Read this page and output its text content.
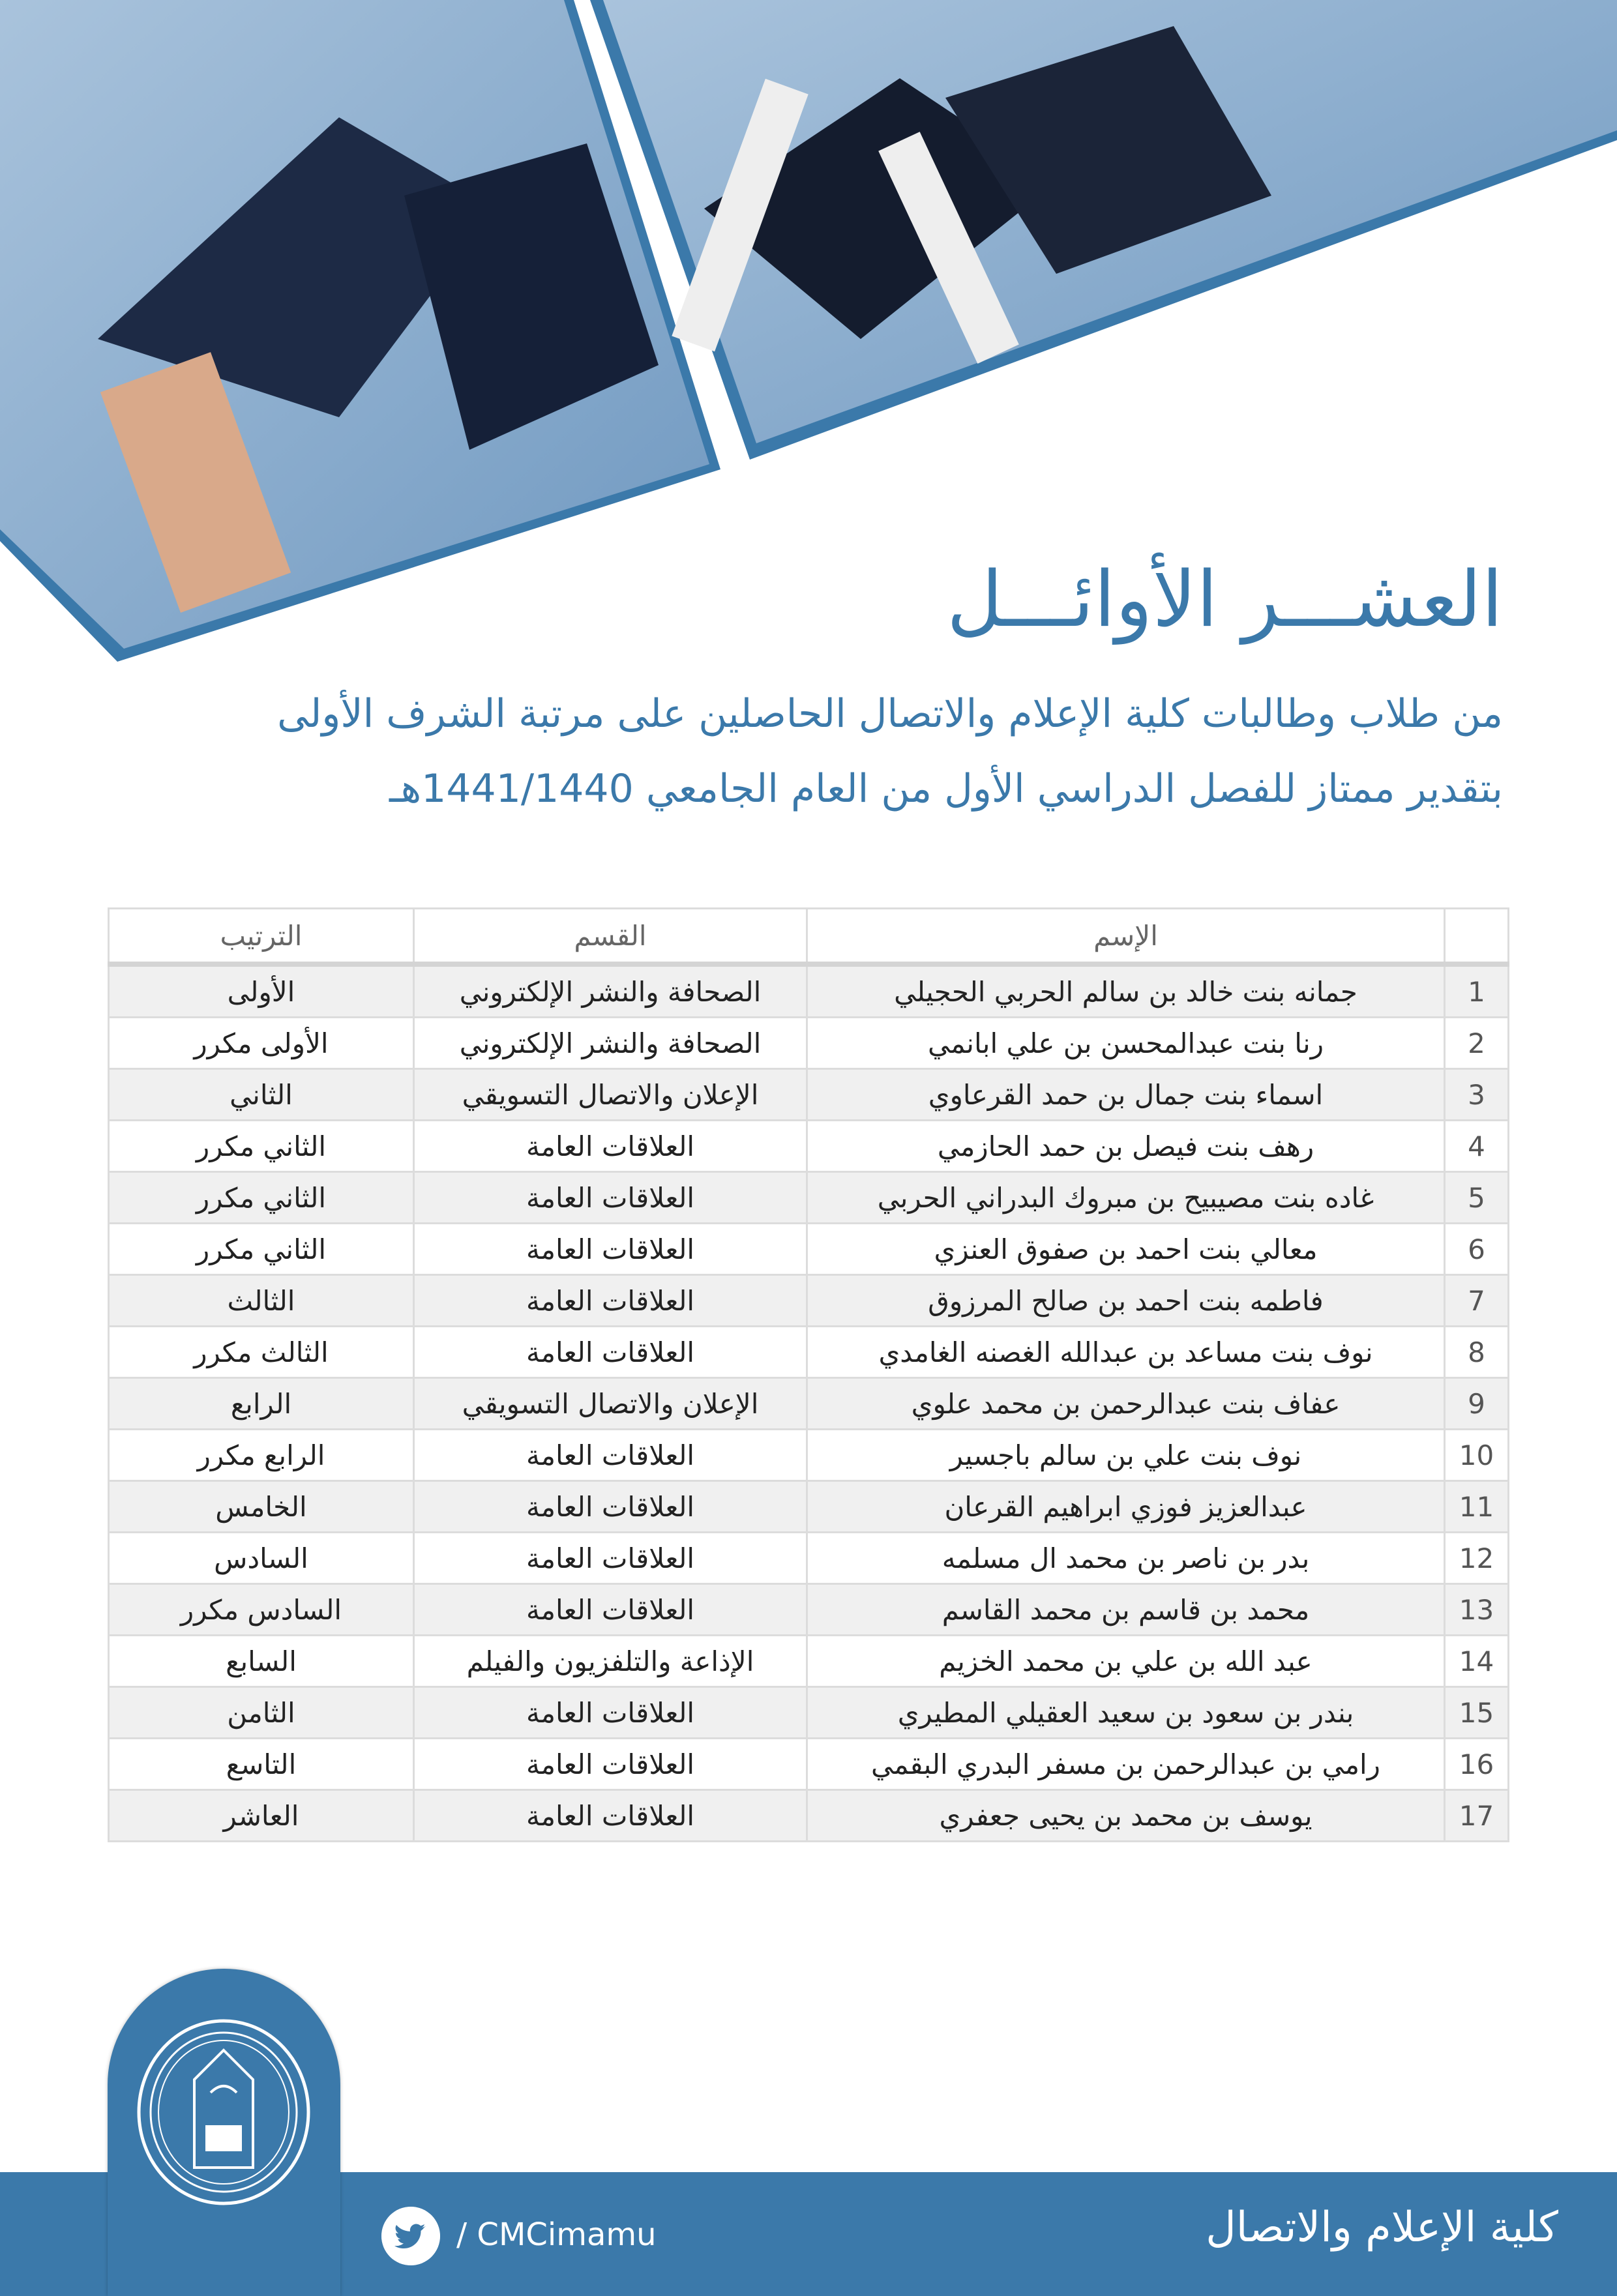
العشـــر الأوائـــل
من طلاب وطالبات كلية الإعلام والاتصال الحاصلين على مرتبة الشرف الأولى
بتقدير ممتاز للفصل الدراسي الأول من العام الجامعي 1441/1440هـ
	الإسم	القسم	الترتيب
1	جمانه بنت خالد بن سالم الحربي الحجيلي	الصحافة والنشر الإلكتروني	الأولى
2	رنا بنت عبدالمحسن بن علي ابانمي	الصحافة والنشر الإلكتروني	الأولى مكرر
3	اسماء بنت جمال بن حمد القرعاوي	الإعلان والاتصال التسويقي	الثاني
4	رهف بنت فيصل بن حمد الحازمي	العلاقات العامة	الثاني مكرر
5	غاده بنت مصيبيح بن مبروك البدراني الحربي	العلاقات العامة	الثاني مكرر
6	معالي بنت احمد بن صفوق العنزي	العلاقات العامة	الثاني مكرر
7	فاطمه بنت احمد بن صالح المرزوق	العلاقات العامة	الثالث
8	نوف بنت مساعد بن عبدالله الغصنه الغامدي	العلاقات العامة	الثالث مكرر
9	عفاف بنت عبدالرحمن بن محمد علوي	الإعلان والاتصال التسويقي	الرابع
10	نوف بنت علي بن سالم باجسير	العلاقات العامة	الرابع مكرر
11	عبدالعزيز فوزي ابراهيم القرعان	العلاقات العامة	الخامس
12	بدر بن ناصر بن محمد ال مسلمه	العلاقات العامة	السادس
13	محمد بن قاسم بن محمد القاسم	العلاقات العامة	السادس مكرر
14	عبد الله بن علي بن محمد الخزيم	الإذاعة والتلفزيون والفيلم	السابع
15	بندر بن سعود بن سعيد العقيلي المطيري	العلاقات العامة	الثامن
16	رامي بن عبدالرحمن بن مسفر البدري البقمي	العلاقات العامة	التاسع
17	يوسف بن محمد بن يحيى جعفري	العلاقات العامة	العاشر
/ CMCimamu	كلية الإعلام والاتصال
